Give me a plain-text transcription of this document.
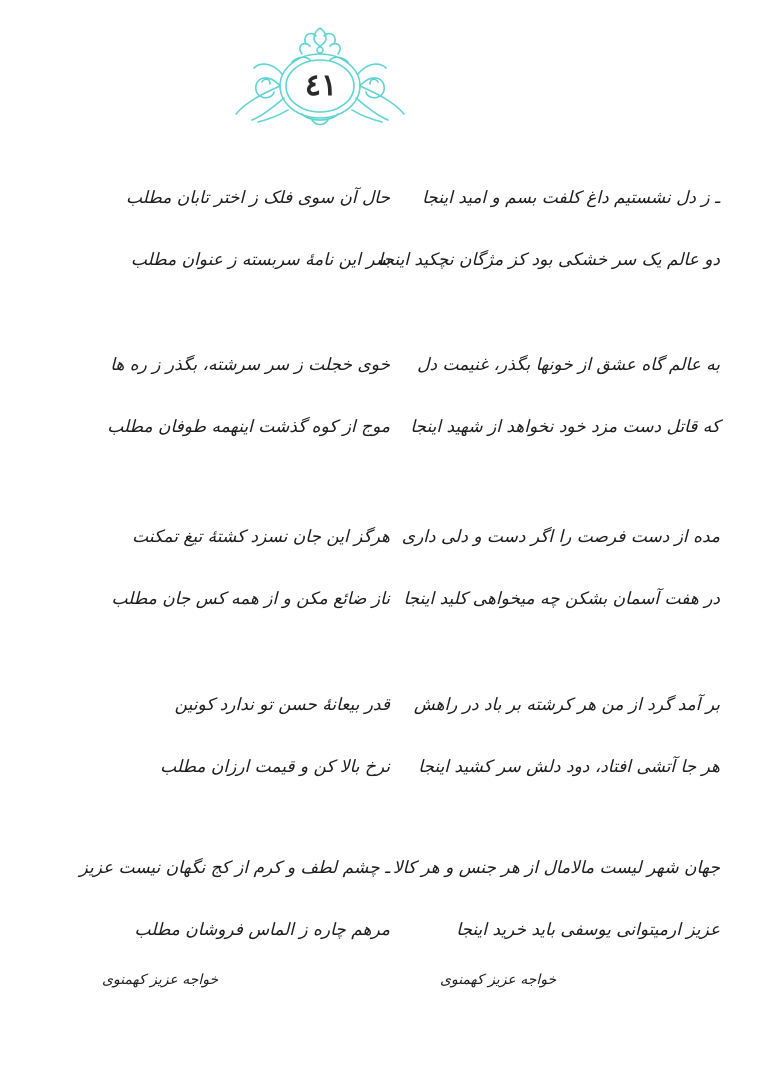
٤١
ـ ز دل نشستیم داغ کلفت بسم و امید اینجا
دو عالم یک سر خشکی بود کز مژگان نچکید اینجا
حال آن سوی فلک ز اختر تابان مطلب
سر این نامهٔ سربسته ز عنوان مطلب
به عالم گاه عشق از خونها بگذر، غنیمت دل
که قاتل دست مزد خود نخواهد از شهید اینجا
خوی خجلت ز سر سرشته، بگذر ز ره ها
موج از کوه گذشت اینهمه طوفان مطلب
مده از دست فرصت را اگر دست و دلی داری
در هفت آسمان بشکن چه میخواهی کلید اینجا
هرگز این جان نسزد کشتهٔ تیغ تمکنت
ناز ضائع مکن و از همه کس جان مطلب
بر آمد گرد از من هر کرشته بر باد در راهش
هر جا آتشی افتاد، دود دلش سر کشید اینجا
قدر بیعانهٔ حسن تو ندارد کونین
نرخ بالا کن و قیمت ارزان مطلب
جهان شهر لیست مالامال از هر جنس و هر کالا
عزیز ارمیتوانی یوسفی باید خرید اینجا
ـ چشم لطف و کرم از کج نگهان نیست عزیز
مرهم چاره ز الماس فروشان مطلب
خواجه عزیز کهمنوی
خواجه عزیز کهمنوی
